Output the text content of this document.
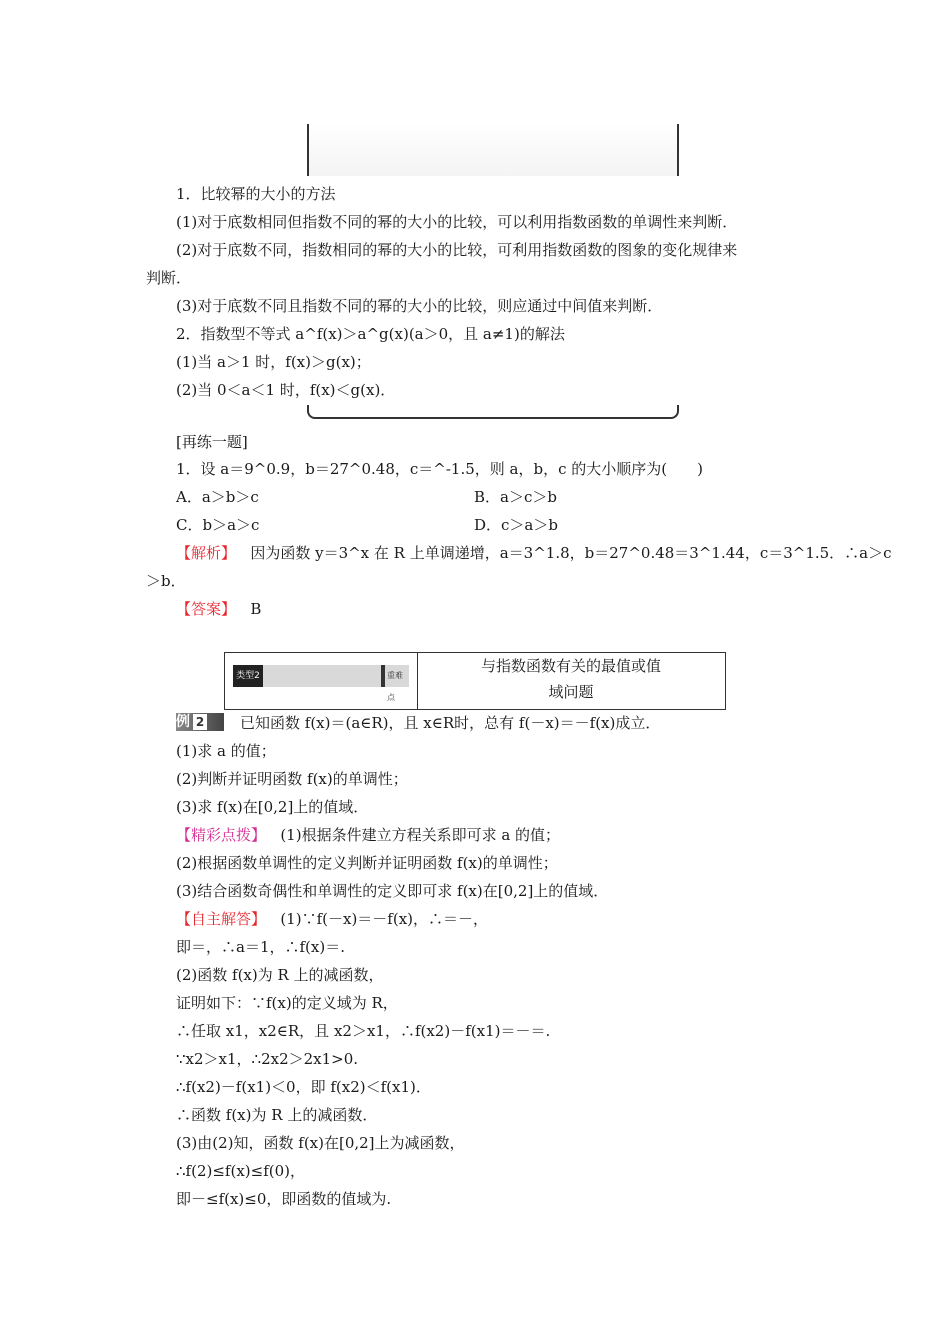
1．比较幂的大小的方法
(1)对于底数相同但指数不同的幂的大小的比较，可以利用指数函数的单调性来判断．
(2)对于底数不同，指数相同的幂的大小的比较，可利用指数函数的图象的变化规律来
判断．
(3)对于底数不同且指数不同的幂的大小的比较，则应通过中间值来判断．
2．指数型不等式 a^f(x)＞a^g(x)(a＞0，且 a≠1)的解法
(1)当 a＞1 时，f(x)＞g(x)；
(2)当 0＜a＜1 时，f(x)＜g(x)．
[再练一题]
1．设 a＝9^0.9，b＝27^0.48，c＝^-1.5，则 a，b，c 的大小顺序为(　　)
A．a＞b＞c	B．a＞c＞b
C．b＞a＞c	D．c＞a＞b
【解析】 因为函数 y＝3^x 在 R 上单调递增，a＝3^1.8，b＝27^0.48＝3^1.44，c＝3^1.5．∴a＞c
＞b．
【答案】 B
类型2	重难点
与指数函数有关的最值或值
域问题
例 2	已知函数 f(x)＝(a∈R)，且 x∈R时，总有 f(－x)＝－f(x)成立．
(1)求 a 的值；
(2)判断并证明函数 f(x)的单调性；
(3)求 f(x)在[0,2]上的值域．
【精彩点拨】 (1)根据条件建立方程关系即可求 a 的值；
(2)根据函数单调性的定义判断并证明函数 f(x)的单调性；
(3)结合函数奇偶性和单调性的定义即可求 f(x)在[0,2]上的值域．
【自主解答】 (1)∵f(－x)＝－f(x)，∴＝－，
即＝，∴a＝1，∴f(x)＝.
(2)函数 f(x)为 R 上的减函数，
证明如下：∵f(x)的定义域为 R，
∴任取 x1，x2∈R，且 x2＞x1，∴f(x2)－f(x1)＝－＝.
∵x2＞x1，∴2x2＞2x1>0.
∴f(x2)－f(x1)＜0，即 f(x2)＜f(x1)．
∴函数 f(x)为 R 上的减函数．
(3)由(2)知，函数 f(x)在[0,2]上为减函数，
∴f(2)≤f(x)≤f(0)，
即－≤f(x)≤0，即函数的值域为.
